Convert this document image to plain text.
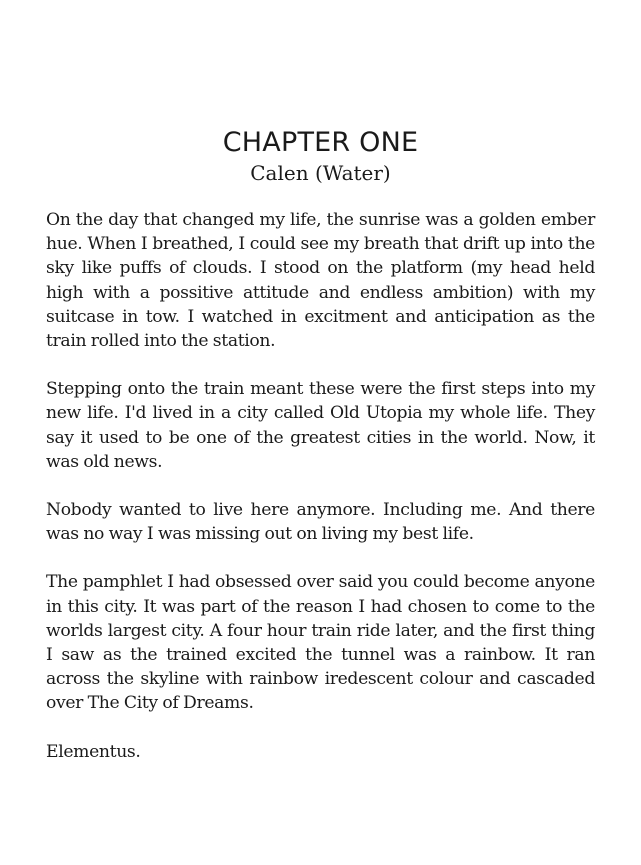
CHAPTER ONE
Calen (Water)

On the day that changed my life, the sunrise was a golden ember hue. When I breathed, I could see my breath that drift up into the sky like puffs of clouds. I stood on the platform (my head held high with a possitive attitude and endless ambition) with my suitcase in tow. I watched in excitment and anticipation as the train rolled into the station.

Stepping onto the train meant these were the first steps into my new life. I'd lived in a city called Old Utopia my whole life. They say it used to be one of the greatest cities in the world. Now, it was old news.

Nobody wanted to live here anymore. Including me. And there was no way I was missing out on living my best life.

The pamphlet I had obsessed over said you could become anyone in this city. It was part of the reason I had chosen to come to the worlds largest city. A four hour train ride later, and the first thing I saw as the trained excited the tunnel was a rainbow. It ran across the skyline with rainbow iredescent colour and cascaded over The City of Dreams.

Elementus.
